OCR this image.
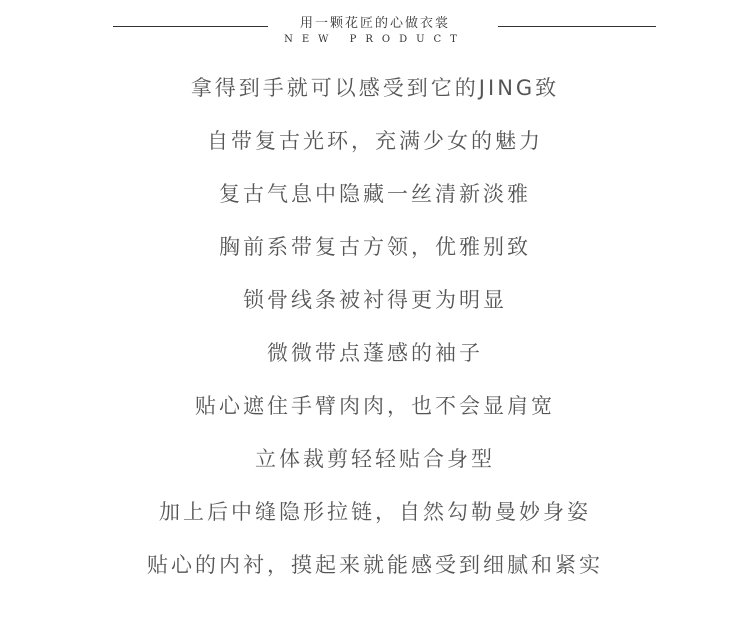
用一颗花匠的心做衣裳
NEW PRODUCT
拿得到手就可以感受到它的JING致
自带复古光环，充满少女的魅力
复古气息中隐藏一丝清新淡雅
胸前系带复古方领，优雅别致
锁骨线条被衬得更为明显
微微带点蓬感的袖子
贴心遮住手臂肉肉，也不会显肩宽
立体裁剪轻轻贴合身型
加上后中缝隐形拉链，自然勾勒曼妙身姿
贴心的内衬，摸起来就能感受到细腻和紧实
